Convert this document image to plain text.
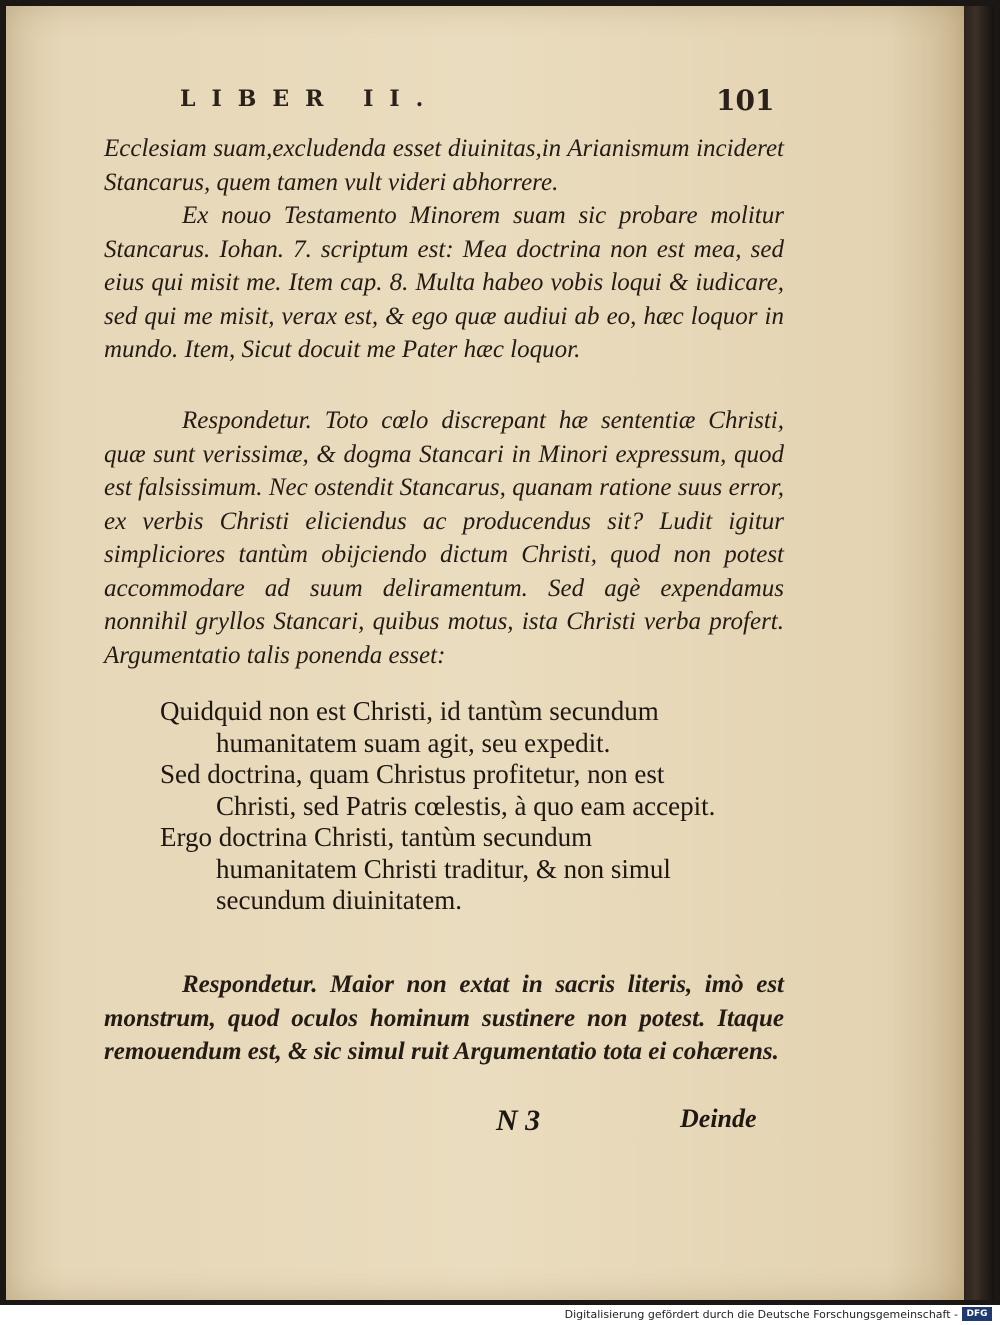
LIBER II.	101

Ecclesiam suam,excludenda esset diuinitas,in Arianismum incideret Stancarus, quem tamen vult videri abhorrere.

Ex nouo Testamento Minorem suam sic probare molitur Stancarus. Iohan. 7. scriptum est: Mea doctrina non est mea, sed eius qui misit me. Item cap. 8. Multa habeo vobis loqui & iudicare, sed qui me misit, verax est, & ego quæ audiui ab eo, hæc loquor in mundo. Item, Sicut docuit me Pater hæc loquor.

Respondetur. Toto cœlo discrepant hæ sententiæ Christi, quæ sunt verissimæ, & dogma Stancari in Minori expressum, quod est falsissimum. Nec ostendit Stancarus, quanam ratione suus error, ex verbis Christi eliciendus ac producendus sit? Ludit igitur simpliciores tantùm obijciendo dictum Christi, quod non potest accommodare ad suum deliramentum. Sed agè expendamus nonnihil gryllos Stancari, quibus motus, ista Christi verba profert. Argumentatio talis ponenda esset:

Quidquid non est Christi, id tantùm secundum humanitatem suam agit, seu expedit.

Sed doctrina, quam Christus profitetur, non est Christi, sed Patris cœlestis, à quo eam accepit.

Ergo doctrina Christi, tantùm secundum humanitatem Christi traditur, & non simul secundum diuinitatem.

Respondetur. Maior non extat in sacris literis, imò est monstrum, quod oculos hominum sustinere non potest. Itaque remouendum est, & sic simul ruit Argumentatio tota ei cohærens.

N 3	Deinde
Digitalisierung gefördert durch die Deutsche Forschungsgemeinschaft - DFG
